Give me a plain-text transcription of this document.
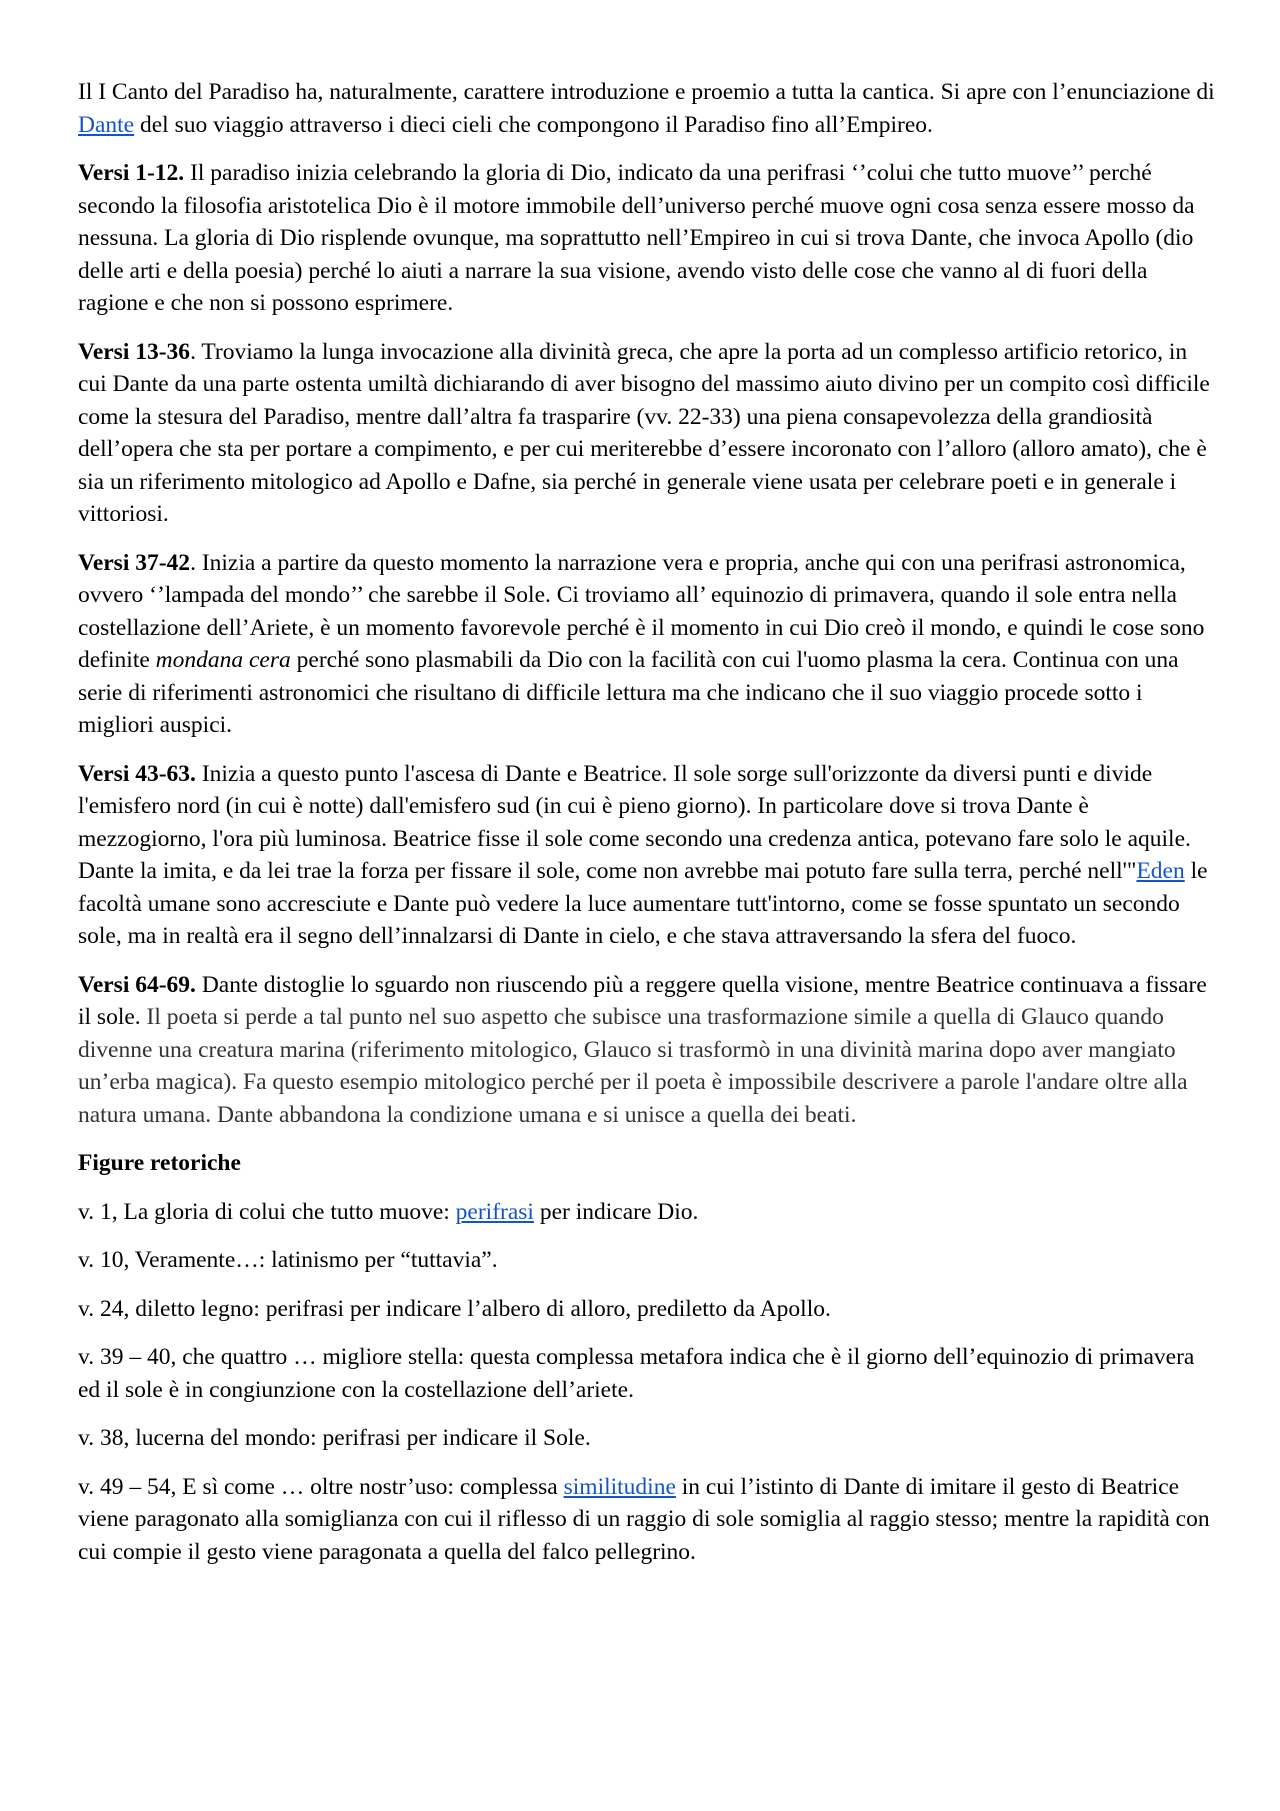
Il I Canto del Paradiso ha, naturalmente, carattere introduzione e proemio a tutta la cantica. Si apre con l’enunciazione di Dante del suo viaggio attraverso i dieci cieli che compongono il Paradiso fino all’Empireo.

Versi 1-12. Il paradiso inizia celebrando la gloria di Dio, indicato da una perifrasi ‘’colui che tutto muove’’ perché secondo la filosofia aristotelica Dio è il motore immobile dell’universo perché muove ogni cosa senza essere mosso da nessuna. La gloria di Dio risplende ovunque, ma soprattutto nell’Empireo in cui si trova Dante, che invoca Apollo (dio delle arti e della poesia) perché lo aiuti a narrare la sua visione, avendo visto delle cose che vanno al di fuori della ragione e che non si possono esprimere.

Versi 13-36. Troviamo la lunga invocazione alla divinità greca, che apre la porta ad un complesso artificio retorico, in cui Dante da una parte ostenta umiltà dichiarando di aver bisogno del massimo aiuto divino per un compito così difficile come la stesura del Paradiso, mentre dall’altra fa trasparire (vv. 22-33) una piena consapevolezza della grandiosità dell’opera che sta per portare a compimento, e per cui meriterebbe d’essere incoronato con l’alloro (alloro amato), che è sia un riferimento mitologico ad Apollo e Dafne, sia perché in generale viene usata per celebrare poeti e in generale i vittoriosi.

Versi 37-42. Inizia a partire da questo momento la narrazione vera e propria, anche qui con una perifrasi astronomica, ovvero ‘’lampada del mondo’’ che sarebbe il Sole. Ci troviamo all’ equinozio di primavera, quando il sole entra nella costellazione dell’Ariete, è un momento favorevole perché è il momento in cui Dio creò il mondo, e quindi le cose sono definite mondana cera perché sono plasmabili da Dio con la facilità con cui l'uomo plasma la cera. Continua con una serie di riferimenti astronomici che risultano di difficile lettura ma che indicano che il suo viaggio procede sotto i migliori auspici.

Versi 43-63. Inizia a questo punto l'ascesa di Dante e Beatrice. Il sole sorge sull'orizzonte da diversi punti e divide l'emisfero nord (in cui è notte) dall'emisfero sud (in cui è pieno giorno). In particolare dove si trova Dante è mezzogiorno, l'ora più luminosa. Beatrice fisse il sole come secondo una credenza antica, potevano fare solo le aquile. Dante la imita, e da lei trae la forza per fissare il sole, come non avrebbe mai potuto fare sulla terra, perché nell'"Eden le facoltà umane sono accresciute e Dante può vedere la luce aumentare tutt'intorno, come se fosse spuntato un secondo sole, ma in realtà era il segno dell’innalzarsi di Dante in cielo, e che stava attraversando la sfera del fuoco.

Versi 64-69. Dante distoglie lo sguardo non riuscendo più a reggere quella visione, mentre Beatrice continuava a fissare il sole. Il poeta si perde a tal punto nel suo aspetto che subisce una trasformazione simile a quella di Glauco quando divenne una creatura marina (riferimento mitologico, Glauco si trasformò in una divinità marina dopo aver mangiato un’erba magica). Fa questo esempio mitologico perché per il poeta è impossibile descrivere a parole l'andare oltre alla natura umana. Dante abbandona la condizione umana e si unisce a quella dei beati.

Figure retoriche

v. 1, La gloria di colui che tutto muove: perifrasi per indicare Dio.

v. 10, Veramente…: latinismo per “tuttavia”.

v. 24, diletto legno: perifrasi per indicare l’albero di alloro, prediletto da Apollo.

v. 39 – 40, che quattro … migliore stella: questa complessa metafora indica che è il giorno dell’equinozio di primavera ed il sole è in congiunzione con la costellazione dell’ariete.

v. 38, lucerna del mondo: perifrasi per indicare il Sole.

v. 49 – 54, E sì come … oltre nostr’uso: complessa similitudine in cui l’istinto di Dante di imitare il gesto di Beatrice viene paragonato alla somiglianza con cui il riflesso di un raggio di sole somiglia al raggio stesso; mentre la rapidità con cui compie il gesto viene paragonata a quella del falco pellegrino.
